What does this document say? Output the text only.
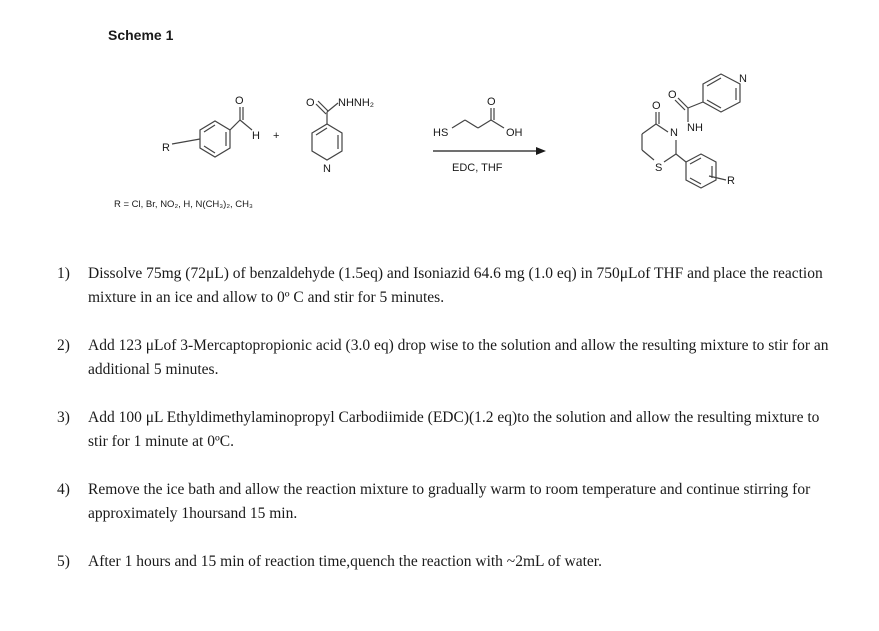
Scheme 1
O
H
R
+
O NHNH₂
N
HS
O
OH
EDC, THF
N
O
NH
N
O
S
R
R = Cl, Br, NO₂, H, N(CH₃)₂, CH₃
1) Dissolve 75mg (72μL) of benzaldehyde (1.5eq) and Isoniazid 64.6 mg (1.0 eq) in 750μLof THF and place the reaction mixture in an ice and allow to 0º C and stir for 5 minutes.
2) Add 123 μLof 3-Mercaptopropionic acid (3.0 eq) drop wise to the solution and allow the resulting mixture to stir for an additional 5 minutes.
3) Add 100 μL Ethyldimethylaminopropyl Carbodiimide (EDC)(1.2 eq)to the solution and allow the resulting mixture to stir for 1 minute at 0ºC.
4) Remove the ice bath and allow the reaction mixture to gradually warm to room temperature and continue stirring for approximately 1hoursand 15 min.
5) After 1 hours and 15 min of reaction time,quench the reaction with ~2mL of water.
